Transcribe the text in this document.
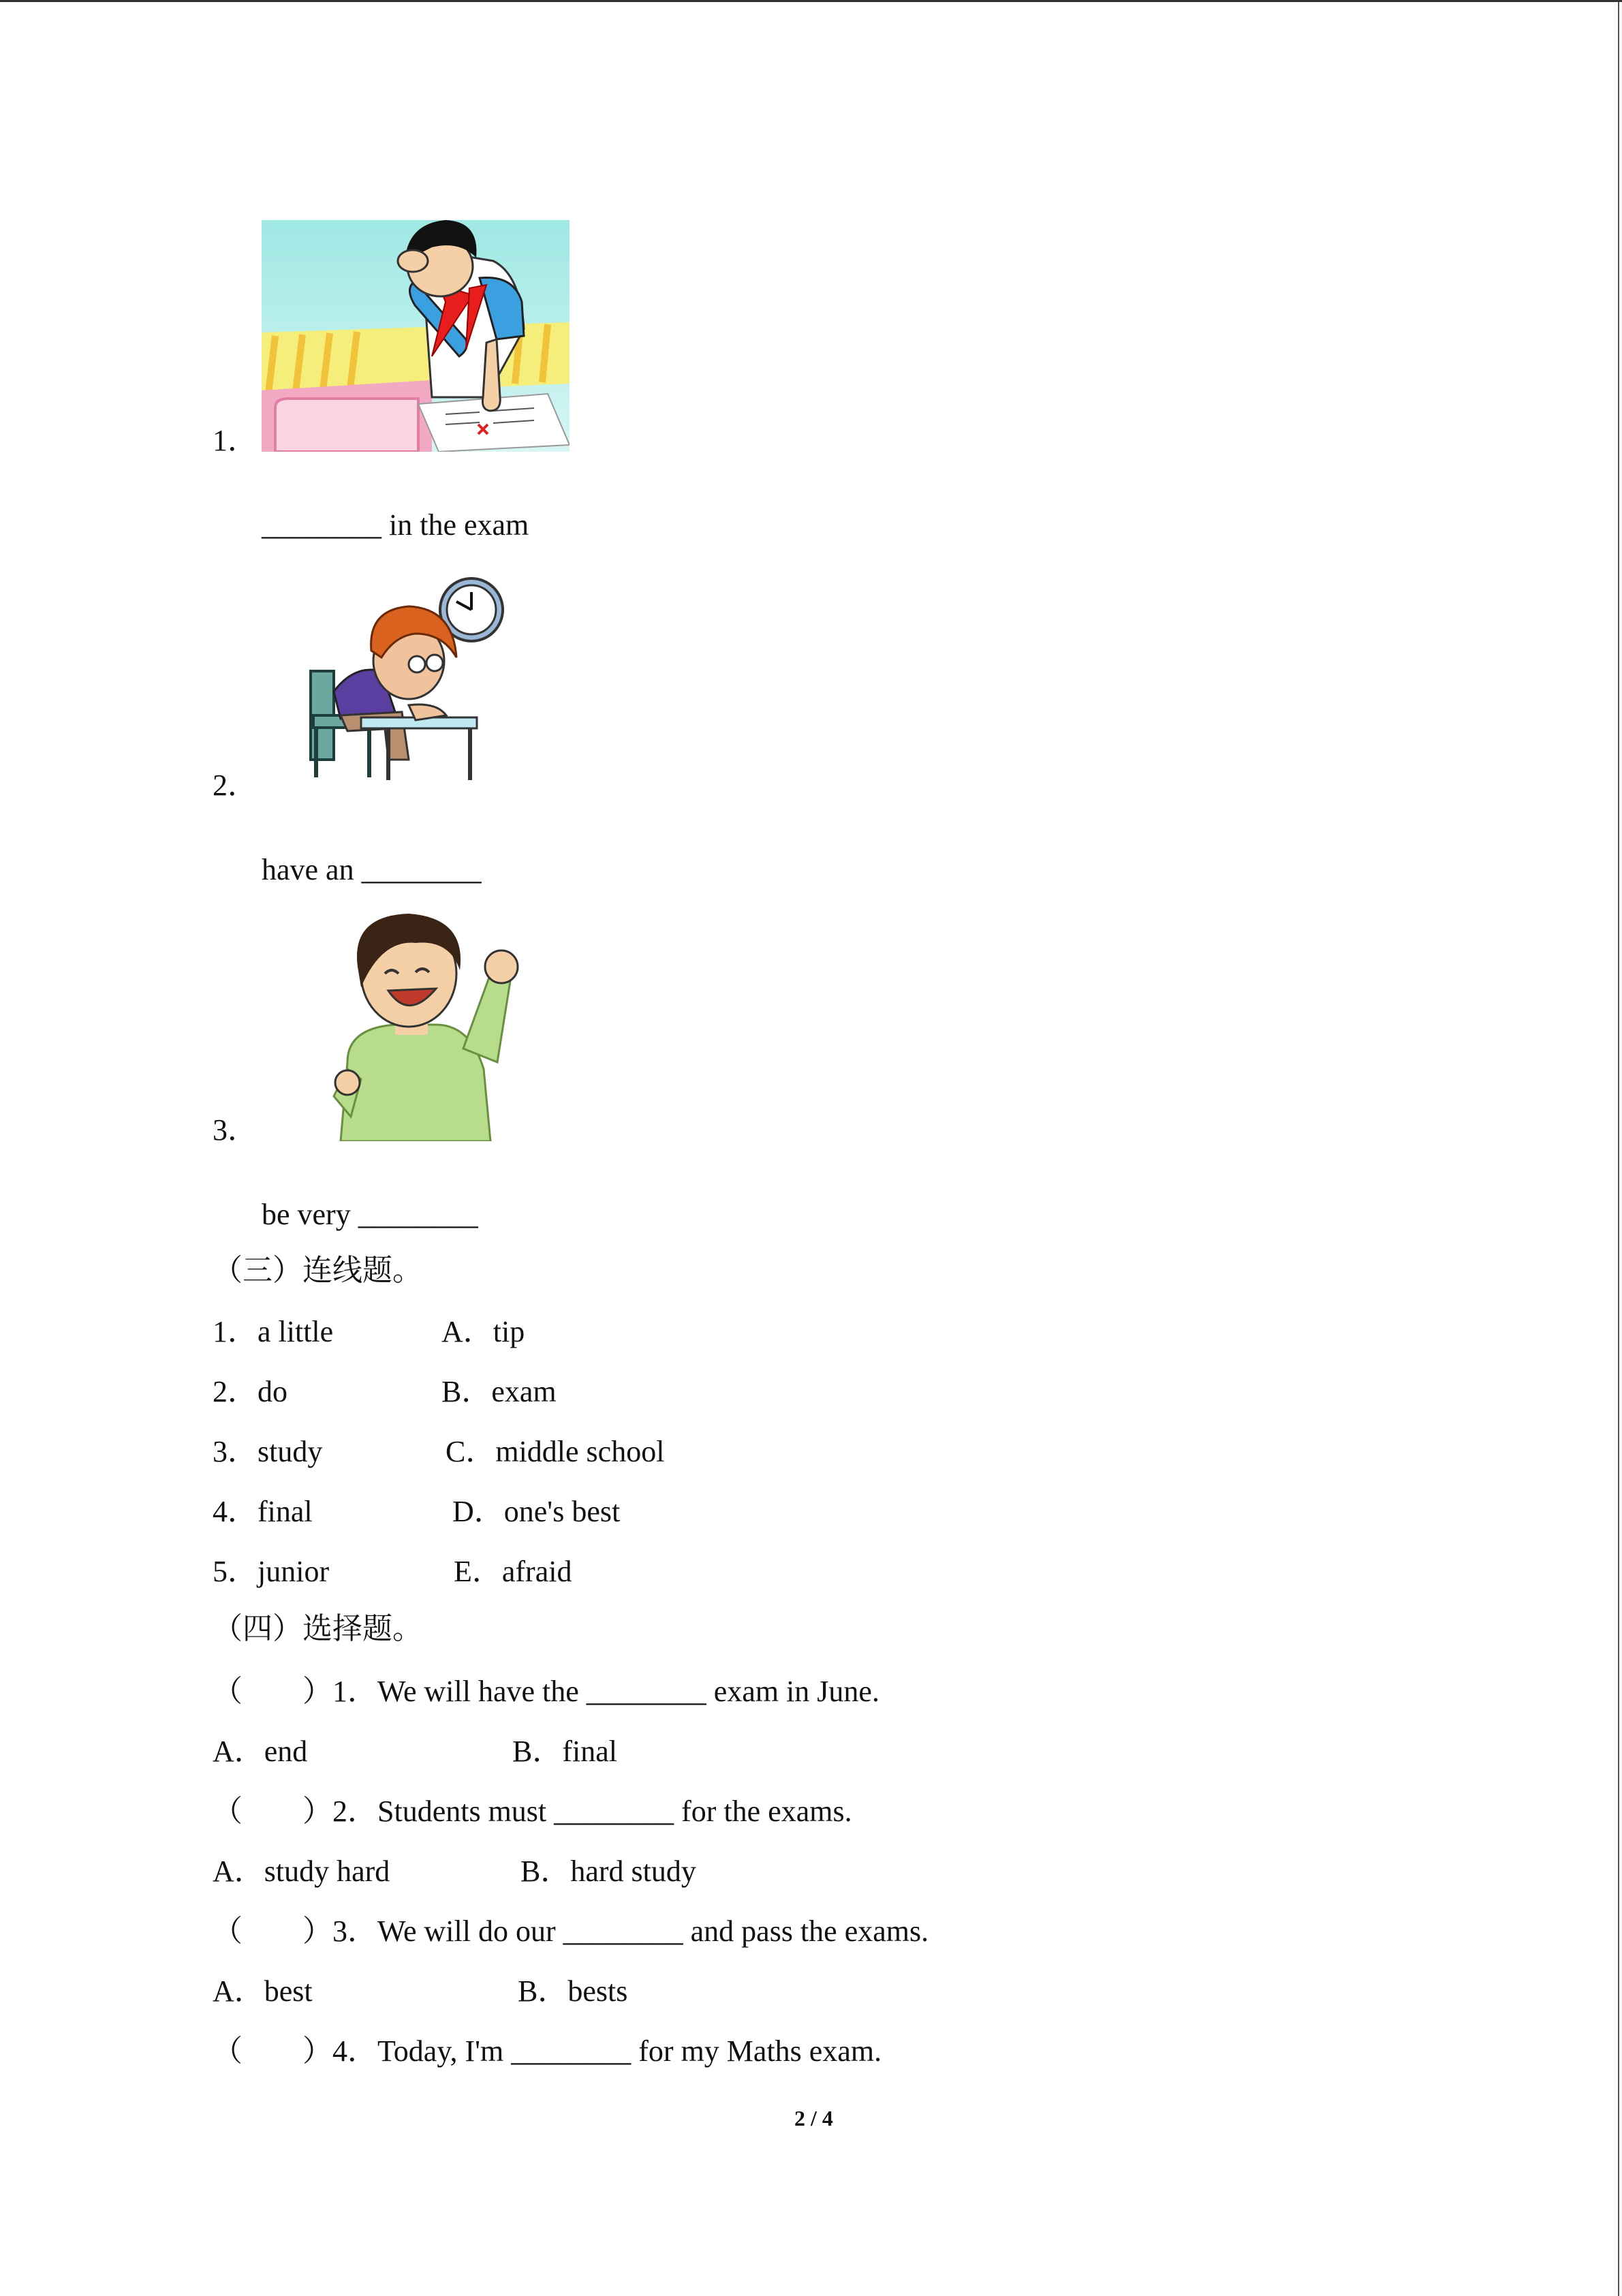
1．
________ in the exam
2．
have an ________
3．
be very ________
（三）连线题。
1．a little	A．tip
2．do	B．exam
3．study	C．middle school
4．final	D．one's best
5．junior	E．afraid
（四）选择题。
（　　）1．We will have the ________ exam in June.
A．end	B．final
（　　）2．Students must ________ for the exams.
A．study hard	B．hard study
（　　）3．We will do our ________ and pass the exams.
A．best	B．bests
（　　）4．Today, I'm ________ for my Maths exam.
2 / 4
